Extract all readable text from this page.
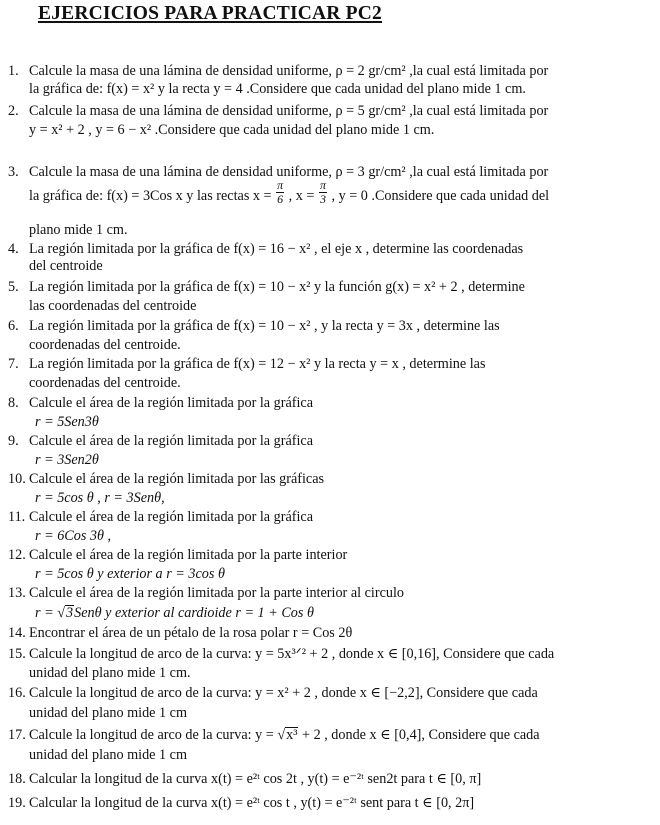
EJERCICIOS PARA PRACTICAR PC2
1. Calcule la masa de una lámina de densidad uniforme, ρ = 2 gr/cm² ,la cual está limitada por
la gráfica de: f(x) = x² y la recta y = 4 .Considere que cada unidad del plano mide 1 cm.
2. Calcule la masa de una lámina de densidad uniforme, ρ = 5 gr/cm² ,la cual está limitada por
y = x² + 2 , y = 6 − x² .Considere que cada unidad del plano mide 1 cm.
3. Calcule la masa de una lámina de densidad uniforme, ρ = 3 gr/cm² ,la cual está limitada por
la gráfica de: f(x) = 3Cos x y las rectas $x = \frac{\pi}{6}$ , $x = \frac{\pi}{3}$ , y = 0 .Considere que cada unidad del
plano mide 1 cm.
4. La región limitada por la gráfica de f(x) = 16 − x² , el eje x , determine las coordenadas
del centroide
5. La región limitada por la gráfica de f(x) = 10 − x² y la función g(x) = x² + 2 , determine
las coordenadas del centroide
6. La región limitada por la gráfica de f(x) = 10 − x² , y la recta y = 3x , determine las
coordenadas del centroide.
7. La región limitada por la gráfica de f(x) = 12 − x² y la recta y = x , determine las
coordenadas del centroide.
8. Calcule el área de la región limitada por la gráfica
r = 5Sen3θ
9. Calcule el área de la región limitada por la gráfica
r = 3Sen2θ
10. Calcule el área de la región limitada por las gráficas
r = 5cos θ , r = 3Senθ,
11. Calcule el área de la región limitada por la gráfica
r = 6Cos 3θ ,
12. Calcule el área de la región limitada por la parte interior
r = 5cos θ y exterior a r = 3cos θ
13. Calcule el área de la región limitada por la parte interior al circulo
r = √3Senθ y exterior al cardioide r = 1 + Cos θ
14. Encontrar el área de un pétalo de la rosa polar r = Cos 2θ
15. Calcule la longitud de arco de la curva: y = 5x³ᐟ² + 2 , donde x ∈ [0,16], Considere que cada
unidad del plano mide 1 cm.
16. Calcule la longitud de arco de la curva: y = x² + 2 , donde x ∈ [−2,2], Considere que cada
unidad del plano mide 1 cm
17. Calcule la longitud de arco de la curva: y = √x³ + 2 , donde x ∈ [0,4], Considere que cada
unidad del plano mide 1 cm
18. Calcular la longitud de la curva x(t) = e²ᵗ cos 2t , y(t) = e⁻²ᵗ sen2t para t ∈ [0, π]
19. Calcular la longitud de la curva x(t) = e²ᵗ cos t , y(t) = e⁻²ᵗ sent para t ∈ [0, 2π]
